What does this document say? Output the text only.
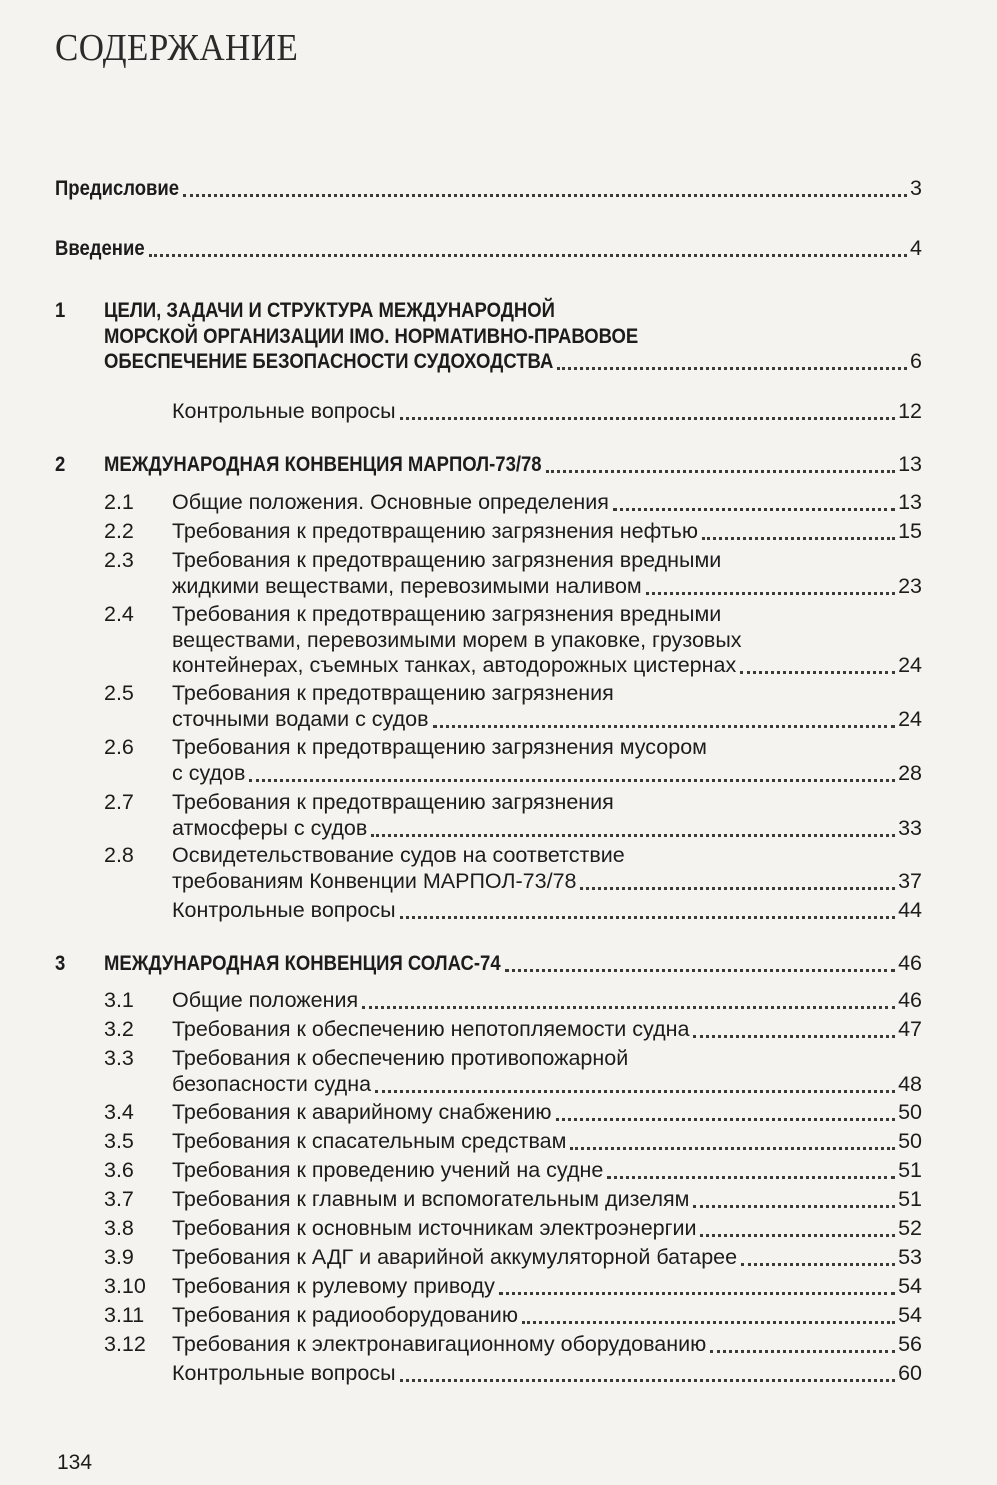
СОДЕРЖАНИЕ
Предисловие	3
Введение	4
1 ЦЕЛИ, ЗАДАЧИ И СТРУКТУРА МЕЖДУНАРОДНОЙ
МОРСКОЙ ОРГАНИЗАЦИИ IMO. НОРМАТИВНО-ПРАВОВОЕ
ОБЕСПЕЧЕНИЕ БЕЗОПАСНОСТИ СУДОХОДСТВА	6
Контрольные вопросы	12
2 МЕЖДУНАРОДНАЯ КОНВЕНЦИЯ МАРПОЛ-73/78	13
2.1 Общие положения. Основные определения	13
2.2 Требования к предотвращению загрязнения нефтью	15
2.3 Требования к предотвращению загрязнения вредными
жидкими веществами, перевозимыми наливом	23
2.4 Требования к предотвращению загрязнения вредными
веществами, перевозимыми морем в упаковке, грузовых
контейнерах, съемных танках, автодорожных цистернах	24
2.5 Требования к предотвращению загрязнения
сточными водами с судов	24
2.6 Требования к предотвращению загрязнения мусором
с судов	28
2.7 Требования к предотвращению загрязнения
атмосферы с судов	33
2.8 Освидетельствование судов на соответствие
требованиям Конвенции МАРПОЛ-73/78	37
Контрольные вопросы	44
3 МЕЖДУНАРОДНАЯ КОНВЕНЦИЯ СОЛАС-74	46
3.1 Общие положения	46
3.2 Требования к обеспечению непотопляемости судна	47
3.3 Требования к обеспечению противопожарной
безопасности судна	48
3.4 Требования к аварийному снабжению	50
3.5 Требования к спасательным средствам	50
3.6 Требования к проведению учений на судне	51
3.7 Требования к главным и вспомогательным дизелям	51
3.8 Требования к основным источникам электроэнергии	52
3.9 Требования к АДГ и аварийной аккумуляторной батарее	53
3.10 Требования к рулевому приводу	54
3.11 Требования к радиооборудованию	54
3.12 Требования к электронавигационному оборудованию	56
Контрольные вопросы	60
134
